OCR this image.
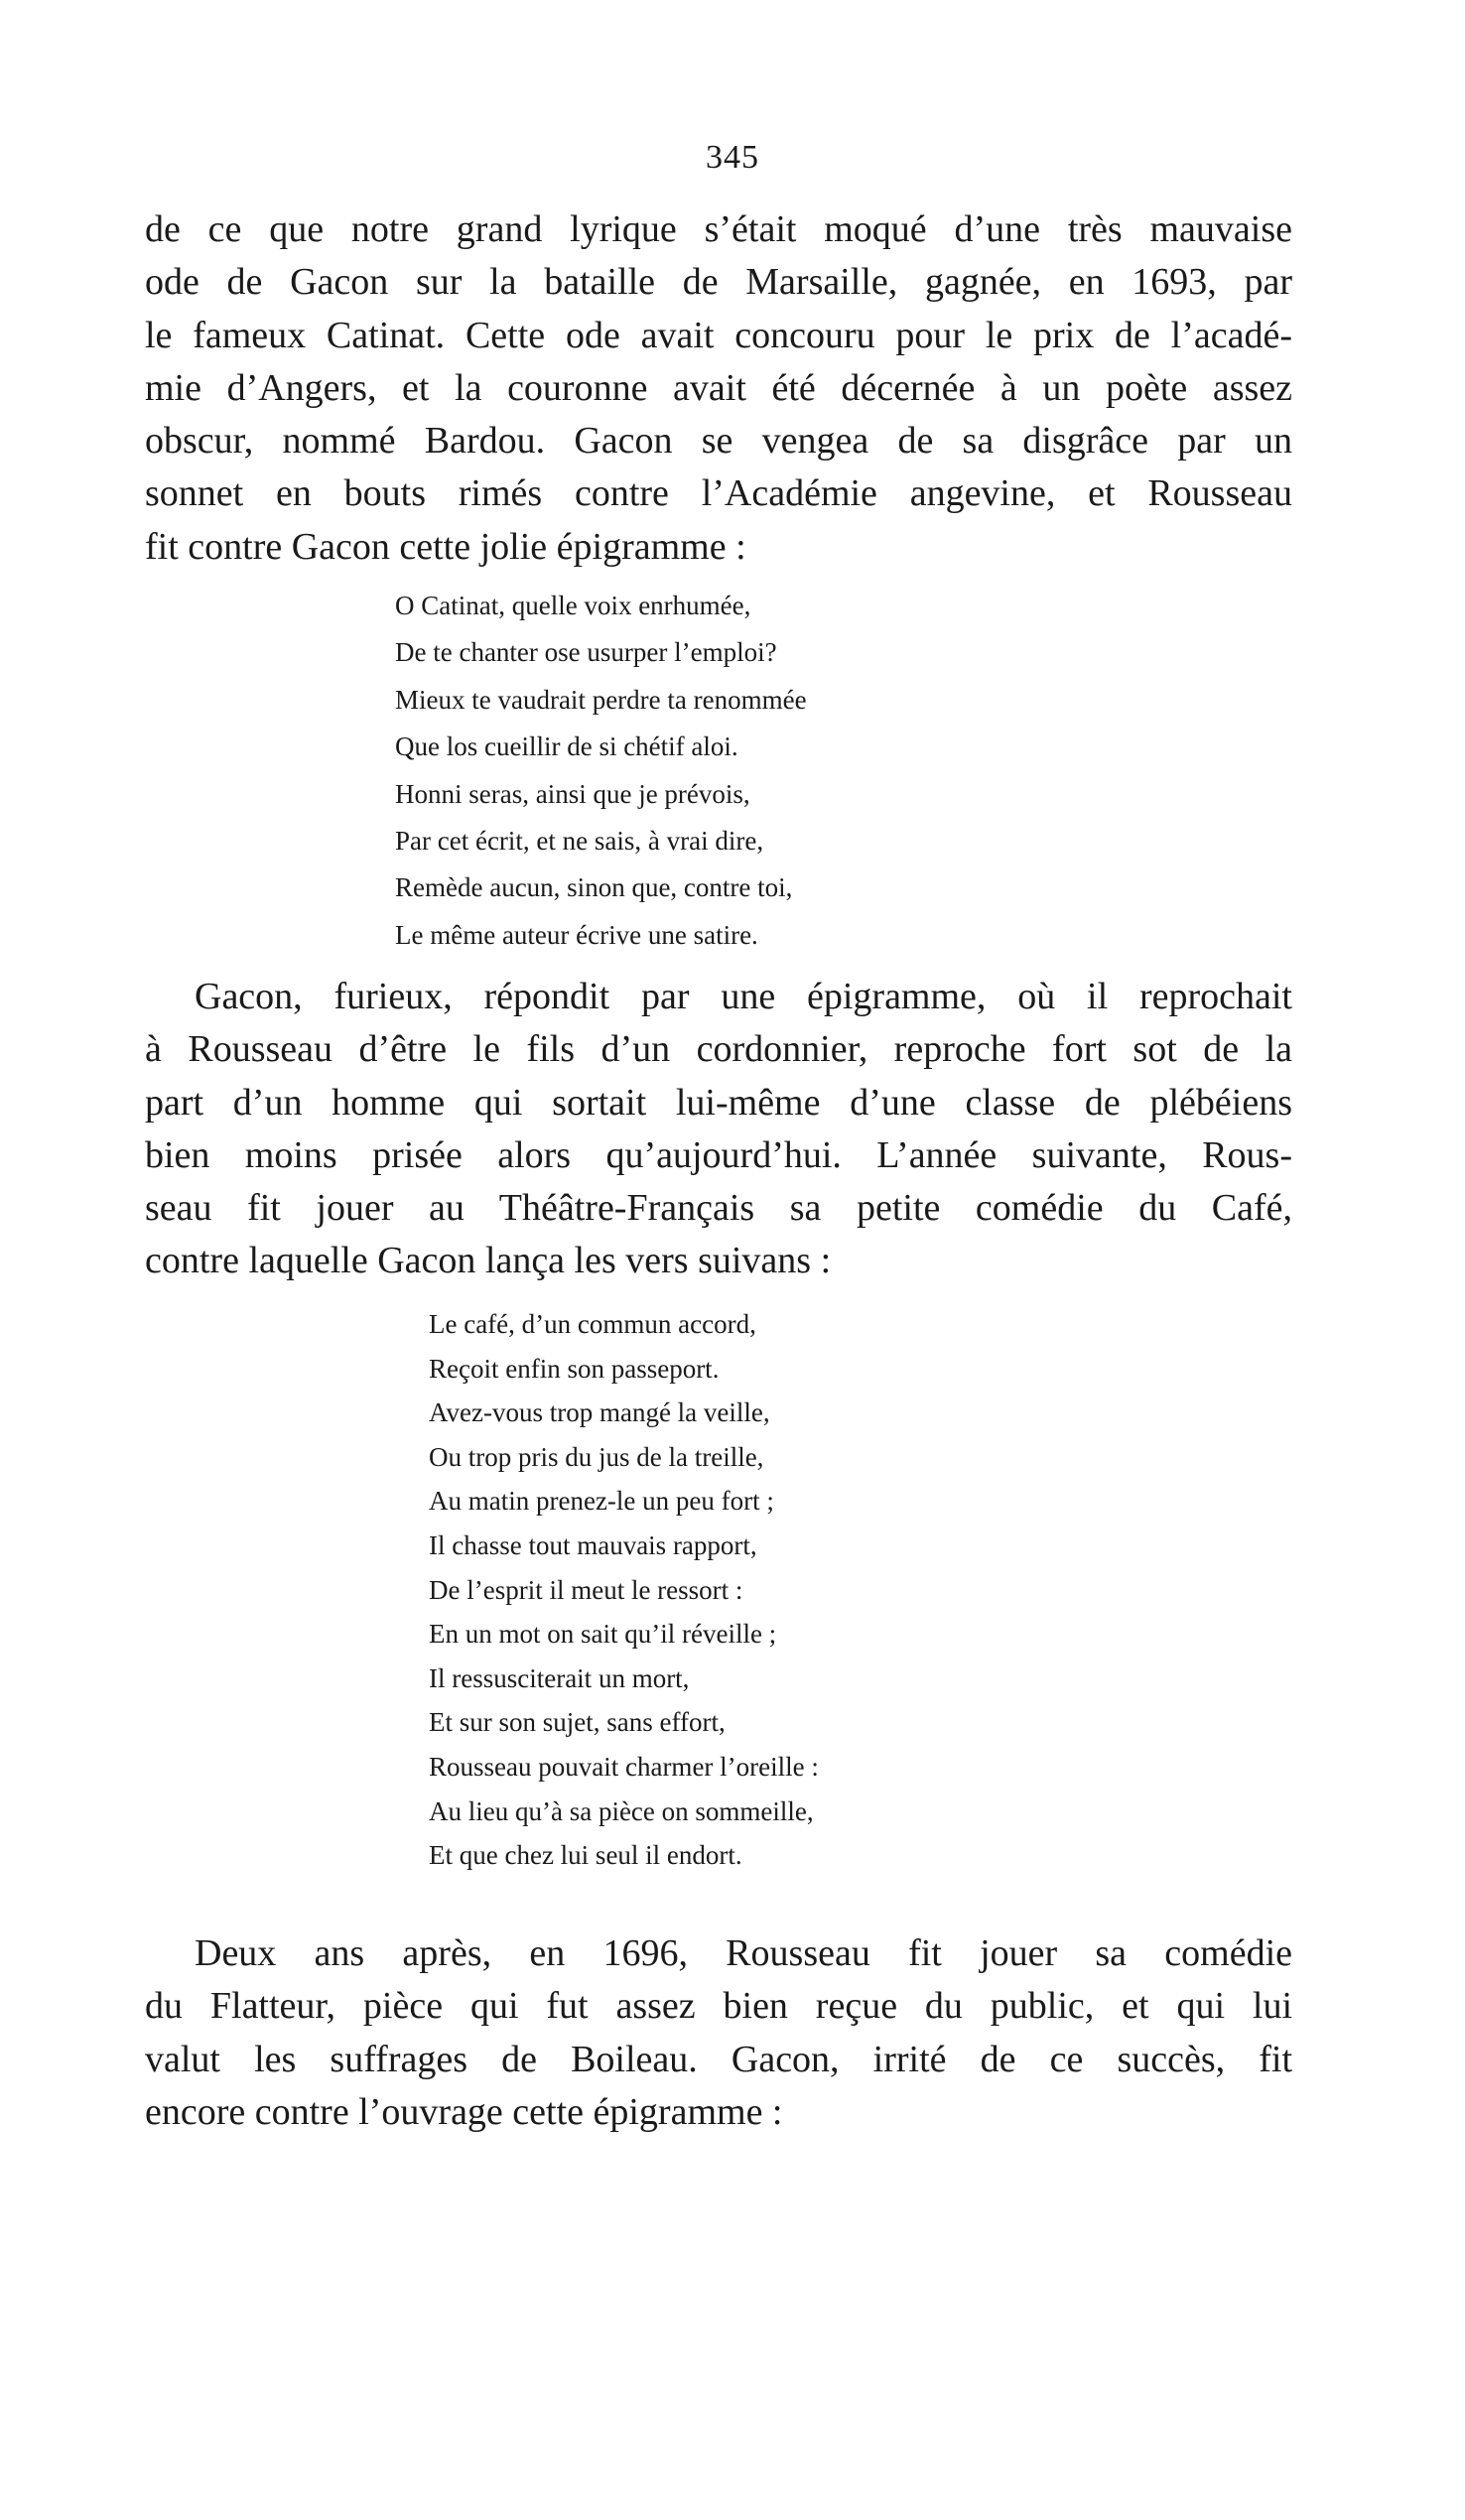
345
de ce que notre grand lyrique s’était moqué d’une très mauvaise
ode de Gacon sur la bataille de Marsaille, gagnée, en 1693, par
le fameux Catinat. Cette ode avait concouru pour le prix de l’acadé-
mie d’Angers, et la couronne avait été décernée à un poète assez
obscur, nommé Bardou. Gacon se vengea de sa disgrâce par un
sonnet en bouts rimés contre l’Académie angevine, et Rousseau
fit contre Gacon cette jolie épigramme :
O Catinat, quelle voix enrhumée,
De te chanter ose usurper l’emploi?
Mieux te vaudrait perdre ta renommée
Que los cueillir de si chétif aloi.
Honni seras, ainsi que je prévois,
Par cet écrit, et ne sais, à vrai dire,
Remède aucun, sinon que, contre toi,
Le même auteur écrive une satire.
Gacon, furieux, répondit par une épigramme, où il reprochait
à Rousseau d’être le fils d’un cordonnier, reproche fort sot de la
part d’un homme qui sortait lui-même d’une classe de plébéiens
bien moins prisée alors qu’aujourd’hui. L’année suivante, Rous-
seau fit jouer au Théâtre-Français sa petite comédie du Café,
contre laquelle Gacon lança les vers suivans :
Le café, d’un commun accord,
Reçoit enfin son passeport.
Avez-vous trop mangé la veille,
Ou trop pris du jus de la treille,
Au matin prenez-le un peu fort ;
Il chasse tout mauvais rapport,
De l’esprit il meut le ressort :
En un mot on sait qu’il réveille ;
Il ressusciterait un mort,
Et sur son sujet, sans effort,
Rousseau pouvait charmer l’oreille :
Au lieu qu’à sa pièce on sommeille,
Et que chez lui seul il endort.
Deux ans après, en 1696, Rousseau fit jouer sa comédie
du Flatteur, pièce qui fut assez bien reçue du public, et qui lui
valut les suffrages de Boileau. Gacon, irrité de ce succès, fit
encore contre l’ouvrage cette épigramme :
